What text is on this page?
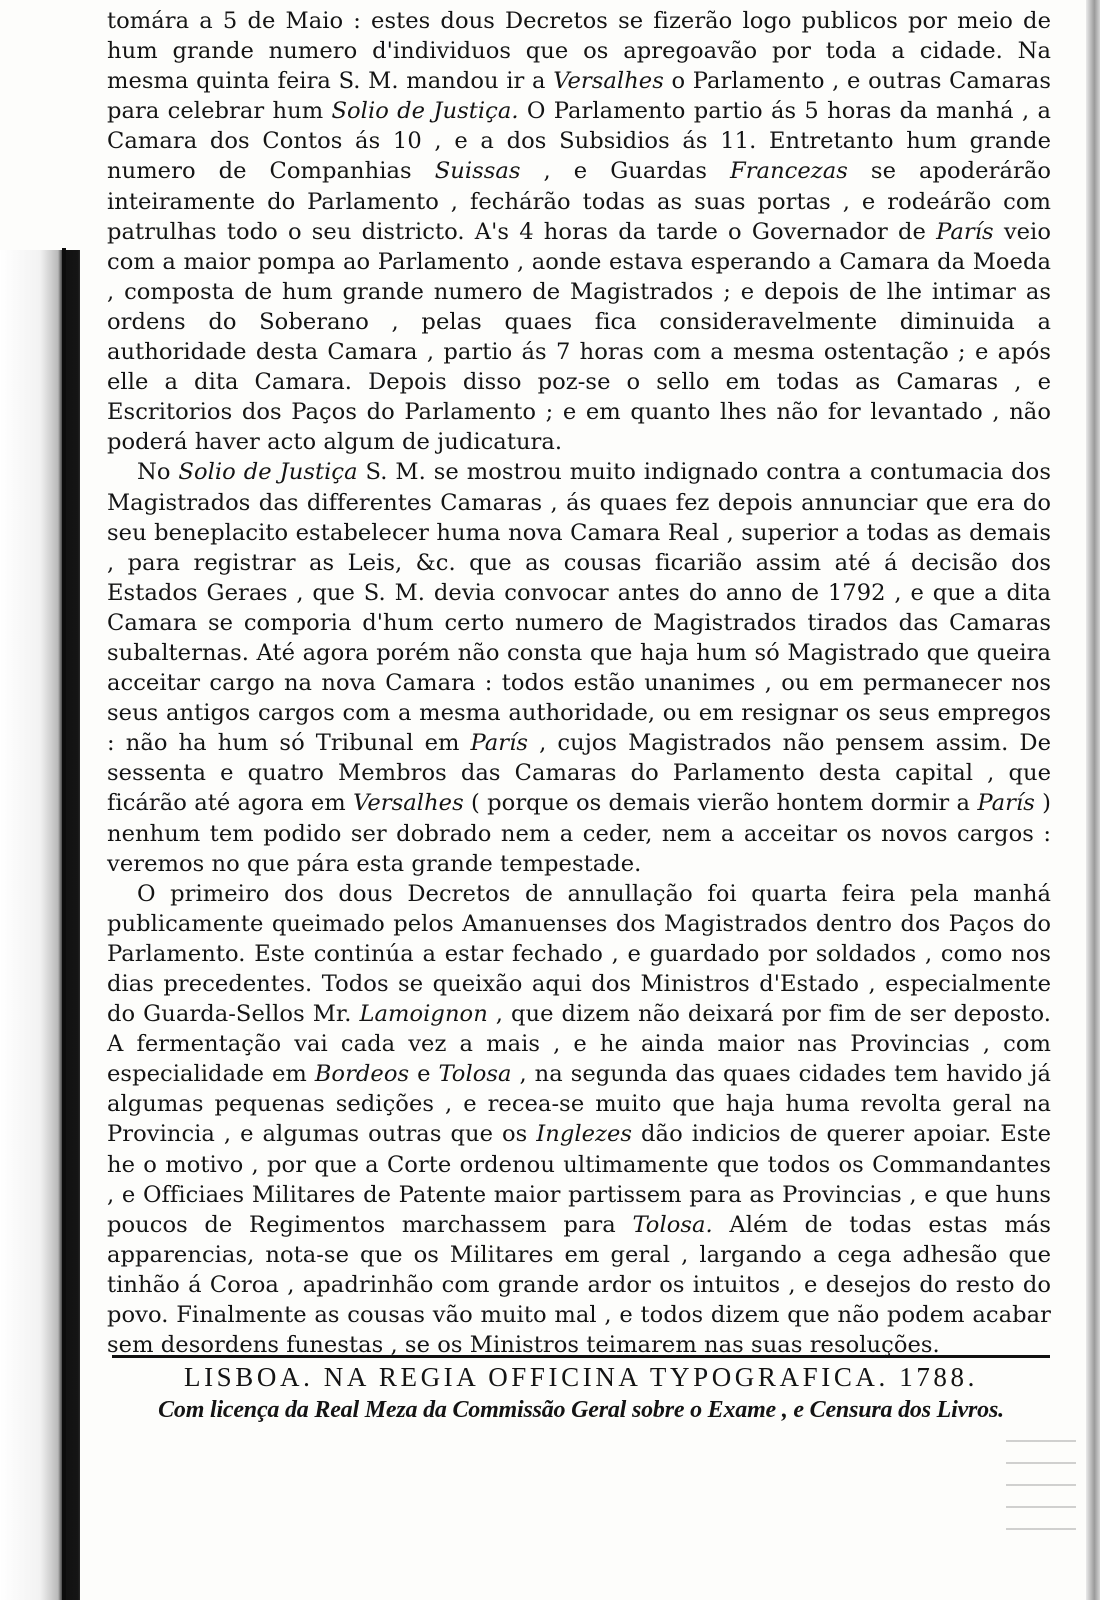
tomára a 5 de Maio : estes dous Decretos se fizerão logo publicos por meio de hum grande numero d'individuos que os apregoavão por toda a cidade. Na mesma quinta feira S. M. mandou ir a Versalhes o Parlamento , e outras Camaras para celebrar hum Solio de Justiça. O Parlamento partio ás 5 horas da manhá , a Camara dos Contos ás 10 , e a dos Subsidios ás 11. Entretanto hum grande numero de Companhias Suissas , e Guardas Francezas se apoderárão inteiramente do Parlamento , fechárão todas as suas portas , e rodeárão com patrulhas todo o seu districto. A's 4 horas da tarde o Governador de París veio com a maior pompa ao Parlamento , aonde estava esperando a Camara da Moeda , composta de hum grande numero de Magistrados ; e depois de lhe intimar as ordens do Soberano , pelas quaes fica consideravelmente diminuida a authoridade desta Camara , partio ás 7 horas com a mesma ostentação ; e após elle a dita Camara. Depois disso poz-se o sello em todas as Camaras , e Escritorios dos Paços do Parlamento ; e em quanto lhes não for levantado , não poderá haver acto algum de judicatura.

No Solio de Justiça S. M. se mostrou muito indignado contra a contumacia dos Magistrados das differentes Camaras , ás quaes fez depois annunciar que era do seu beneplacito estabelecer huma nova Camara Real , superior a todas as demais , para registrar as Leis, &c. que as cousas ficarião assim até á decisão dos Estados Geraes , que S. M. devia convocar antes do anno de 1792 , e que a dita Camara se comporia d'hum certo numero de Magistrados tirados das Camaras subalternas. Até agora porém não consta que haja hum só Magistrado que queira acceitar cargo na nova Camara : todos estão unanimes , ou em permanecer nos seus antigos cargos com a mesma authoridade, ou em resignar os seus empregos : não ha hum só Tribunal em París , cujos Magistrados não pensem assim. De sessenta e quatro Membros das Camaras do Parlamento desta capital , que ficárão até agora em Versalhes ( porque os demais vierão hontem dormir a París ) nenhum tem podido ser dobrado nem a ceder, nem a acceitar os novos cargos : veremos no que pára esta grande tempestade.

O primeiro dos dous Decretos de annullação foi quarta feira pela manhá publicamente queimado pelos Amanuenses dos Magistrados dentro dos Paços do Parlamento. Este continúa a estar fechado , e guardado por soldados , como nos dias precedentes. Todos se queixão aqui dos Ministros d'Estado , especialmente do Guarda-Sellos Mr. Lamoignon , que dizem não deixará por fim de ser deposto. A fermentação vai cada vez a mais , e he ainda maior nas Provincias , com especialidade em Bordeos e Tolosa , na segunda das quaes cidades tem havido já algumas pequenas sedições , e recea-se muito que haja huma revolta geral na Provincia , e algumas outras que os Inglezes dão indicios de querer apoiar. Este he o motivo , por que a Corte ordenou ultimamente que todos os Commandantes , e Officiaes Militares de Patente maior partissem para as Provincias , e que huns poucos de Regimentos marchassem para Tolosa. Além de todas estas más apparencias, nota-se que os Militares em geral , largando a cega adhesão que tinhão á Coroa , apadrinhão com grande ardor os intuitos , e desejos do resto do povo. Finalmente as cousas vão muito mal , e todos dizem que não podem acabar sem desordens funestas , se os Ministros teimarem nas suas resoluções.

LISBOA. NA REGIA OFFICINA TYPOGRAFICA. 1788.
Com licença da Real Meza da Commissão Geral sobre o Exame , e Censura dos Livros.
